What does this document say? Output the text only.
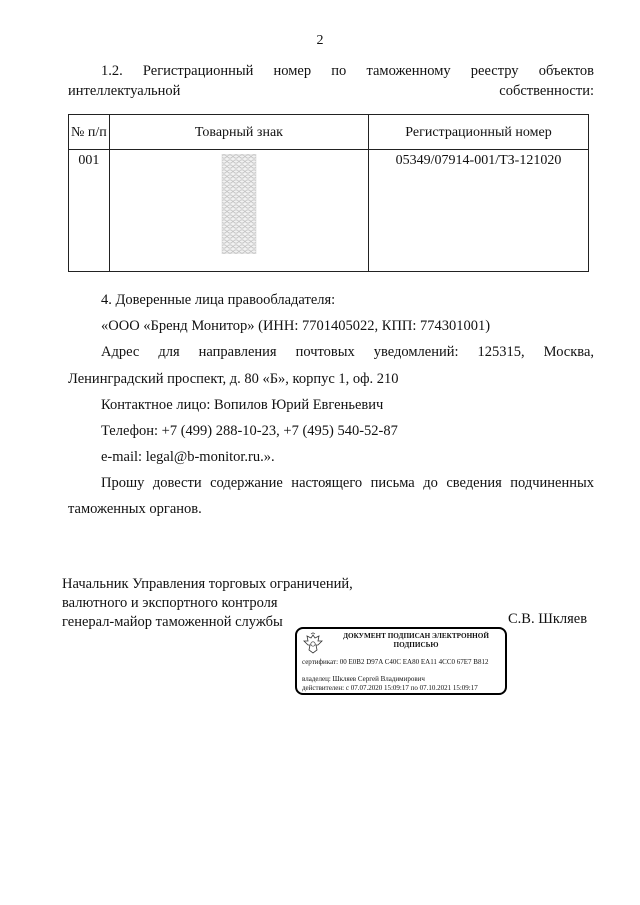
2
1.2. Регистрационный номер по таможенному реестру объектов интеллектуальной собственности:
№ п/п	Товарный знак	Регистрационный номер
001		05349/07914-001/ТЗ-121020
4. Доверенные лица правообладателя:
«ООО «Бренд Монитор» (ИНН: 7701405022, КПП: 774301001)
Адрес для направления почтовых уведомлений: 125315, Москва,
Ленинградский проспект, д. 80 «Б», корпус 1, оф. 210
Контактное лицо: Вопилов Юрий Евгеньевич
Телефон: +7 (499) 288-10-23, +7 (495) 540-52-87
e-mail: legal@b-monitor.ru.».
Прошу довести содержание настоящего письма до сведения подчиненных
таможенных органов.
Начальник Управления торговых ограничений,
валютного и экспортного контроля
генерал-майор таможенной службы	С.В. Шкляев
ДОКУМЕНТ ПОДПИСАН ЭЛЕКТРОННОЙ ПОДПИСЬЮ
сертификат: 00 E0B2 D97A C40C EA80 EA11 4CC0 67E7 B812
владелец: Шкляев Сергей Владимирович
действителен: с 07.07.2020 15:09:17 по 07.10.2021 15:09:17
